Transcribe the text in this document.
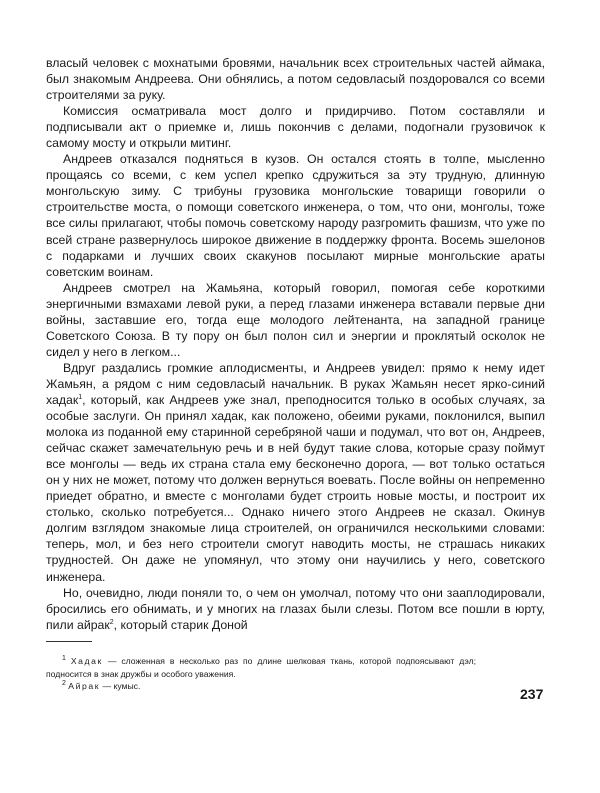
власый человек с мохнатыми бровями, начальник всех строительных частей аймака, был знакомым Андреева. Они обнялись, а потом седовласый поздоровался со всеми строителями за руку.

Комиссия осматривала мост долго и придирчиво. Потом составляли и подписывали акт о приемке и, лишь покончив с делами, подогнали грузовичок к самому мосту и открыли митинг.

Андреев отказался подняться в кузов. Он остался стоять в толпе, мысленно прощаясь со всеми, с кем успел крепко сдружиться за эту трудную, длинную монгольскую зиму. С трибуны грузовика монгольские товарищи говорили о строительстве моста, о помощи советского инженера, о том, что они, монголы, тоже все силы прилагают, чтобы помочь советскому народу разгромить фашизм, что уже по всей стране развернулось широкое движение в поддержку фронта. Восемь эшелонов с подарками и лучших своих скакунов посылают мирные монгольские араты советским воинам.

Андреев смотрел на Жамьяна, который говорил, помогая себе короткими энергичными взмахами левой руки, а перед глазами инженера вставали первые дни войны, заставшие его, тогда еще молодого лейтенанта, на западной границе Советского Союза. В ту пору он был полон сил и энергии и проклятый осколок не сидел у него в легком...

Вдруг раздались громкие аплодисменты, и Андреев увидел: прямо к нему идет Жамьян, а рядом с ним седовласый начальник. В руках Жамьян несет ярко-синий хадак$^1$, который, как Андреев уже знал, преподносится только в особых случаях, за особые заслуги. Он принял хадак, как положено, обеими руками, поклонился, выпил молока из поданной ему старинной серебряной чаши и подумал, что вот он, Андреев, сейчас скажет замечательную речь и в ней будут такие слова, которые сразу поймут все монголы — ведь их страна стала ему бесконечно дорога, — вот только остаться он у них не может, потому что должен вернуться воевать. После войны он непременно приедет обратно, и вместе с монголами будет строить новые мосты, и построит их столько, сколько потребуется... Однако ничего этого Андреев не сказал. Окинув долгим взглядом знакомые лица строителей, он ограничился несколькими словами: теперь, мол, и без него строители смогут наводить мосты, не страшась никаких трудностей. Он даже не упомянул, что этому они научились у него, советского инженера.

Но, очевидно, люди поняли то, о чем он умолчал, потому что они зааплодировали, бросились его обнимать, и у многих на глазах были слезы. Потом все пошли в юрту, пили айрак$^2$, который старик Доной

$^1$ Хадак — сложенная в несколько раз по длине шелковая ткань, которой подпоясывают дэл; подносится в знак дружбы и особого уважения.

$^2$ Айрак — кумыс.	237
